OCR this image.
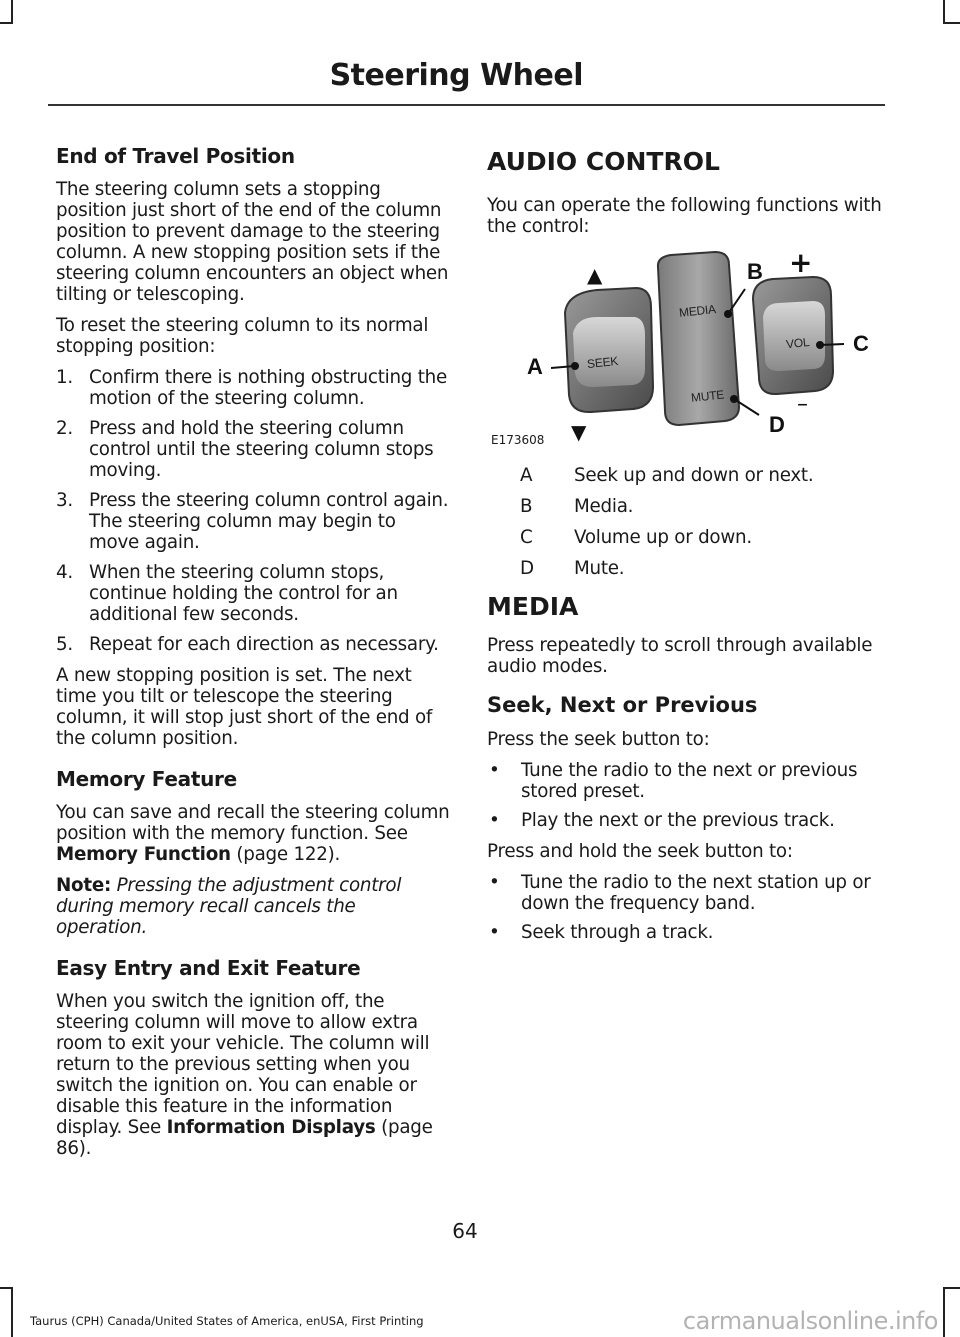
Steering Wheel
End of Travel Position

The steering column sets a stopping position just short of the end of the column position to prevent damage to the steering column. A new stopping position sets if the steering column encounters an object when tilting or telescoping.

To reset the steering column to its normal stopping position:

1. Confirm there is nothing obstructing the motion of the steering column.
2. Press and hold the steering column control until the steering column stops moving.
3. Press the steering column control again. The steering column may begin to move again.
4. When the steering column stops, continue holding the control for an additional few seconds.
5. Repeat for each direction as necessary.

A new stopping position is set. The next time you tilt or telescope the steering column, it will stop just short of the end of the column position.

Memory Feature

You can save and recall the steering column position with the memory function. See Memory Function (page 122).

Note: Pressing the adjustment control during memory recall cancels the operation.

Easy Entry and Exit Feature

When you switch the ignition off, the steering column will move to allow extra room to exit your vehicle. The column will return to the previous setting when you switch the ignition on. You can enable or disable this feature in the information display. See Information Displays (page 86).

AUDIO CONTROL

You can operate the following functions with the control:

SEEK
MEDIA
MUTE
VOL
A
B
C
D
▲
▼
+
–
E173608
A	Seek up and down or next.
B	Media.
C	Volume up or down.
D	Mute.
MEDIA

Press repeatedly to scroll through available audio modes.

Seek, Next or Previous

Press the seek button to:

• Tune the radio to the next or previous stored preset.
• Play the next or the previous track.

Press and hold the seek button to:

• Tune the radio to the next station up or down the frequency band.
• Seek through a track.
64
Taurus (CPH) Canada/United States of America, enUSA, First Printing	carmanualsonline.info
